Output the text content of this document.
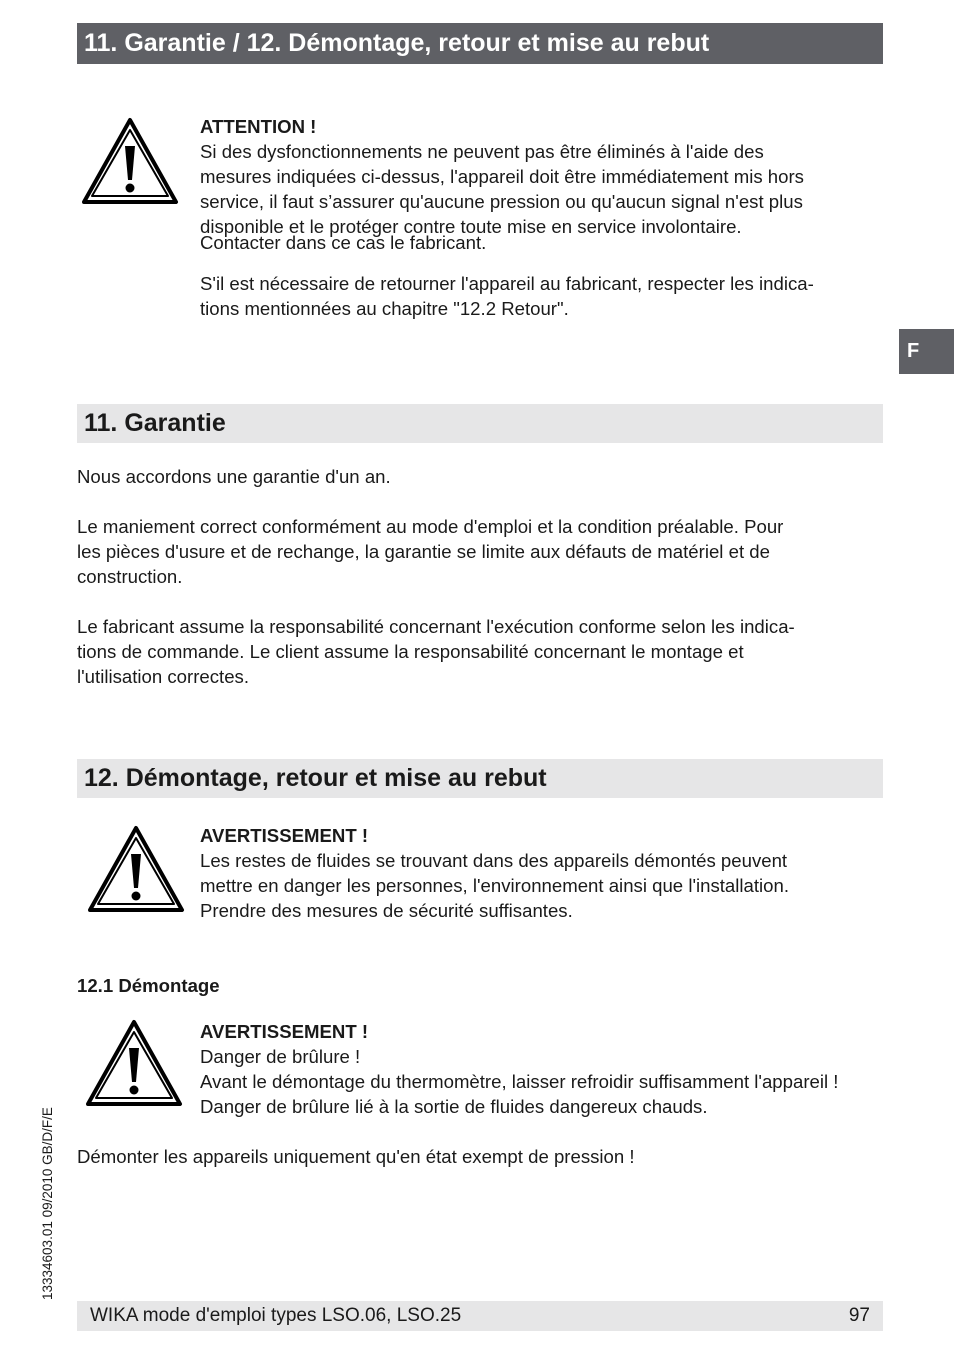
11. Garantie / 12. Démontage, retour et mise au rebut
F

ATTENTION !

Si des dysfonctionnements ne peuvent pas être éliminés à l'aide des

mesures indiquées ci-dessus, l'appareil doit être immédiatement mis hors

service, il faut s’assurer qu'aucune pression ou qu'aucun signal n'est plus

disponible et le protéger contre toute mise en service involontaire.

Contacter dans ce cas le fabricant.

S'il est nécessaire de retourner l'appareil au fabricant, respecter les indica-

tions mentionnées au chapitre "12.2 Retour".

11. Garantie
Nous accordons une garantie d'un an.

Le maniement correct conformément au mode d'emploi et la condition préalable. Pour

les pièces d'usure et de rechange, la garantie se limite aux défauts de matériel et de

construction.

Le fabricant assume la responsabilité concernant l'exécution conforme selon les indica-

tions de commande. Le client assume la responsabilité concernant le montage et

l'utilisation correctes.

12. Démontage, retour et mise au rebut

AVERTISSEMENT !

Les restes de fluides se trouvant dans des appareils démontés peuvent

mettre en danger les personnes, l'environnement ainsi que l'installation.

Prendre des mesures de sécurité suffisantes.

12.1 Démontage

AVERTISSEMENT !

Danger de brûlure !

Avant le démontage du thermomètre, laisser refroidir suffisamment l'appareil !

Danger de brûlure lié à la sortie de fluides dangereux chauds.

Démonter les appareils uniquement qu'en état exempt de pression !
13334603.01 09/2010 GB/D/F/E
WIKA mode d'emploi types LSO.06, LSO.25	97
